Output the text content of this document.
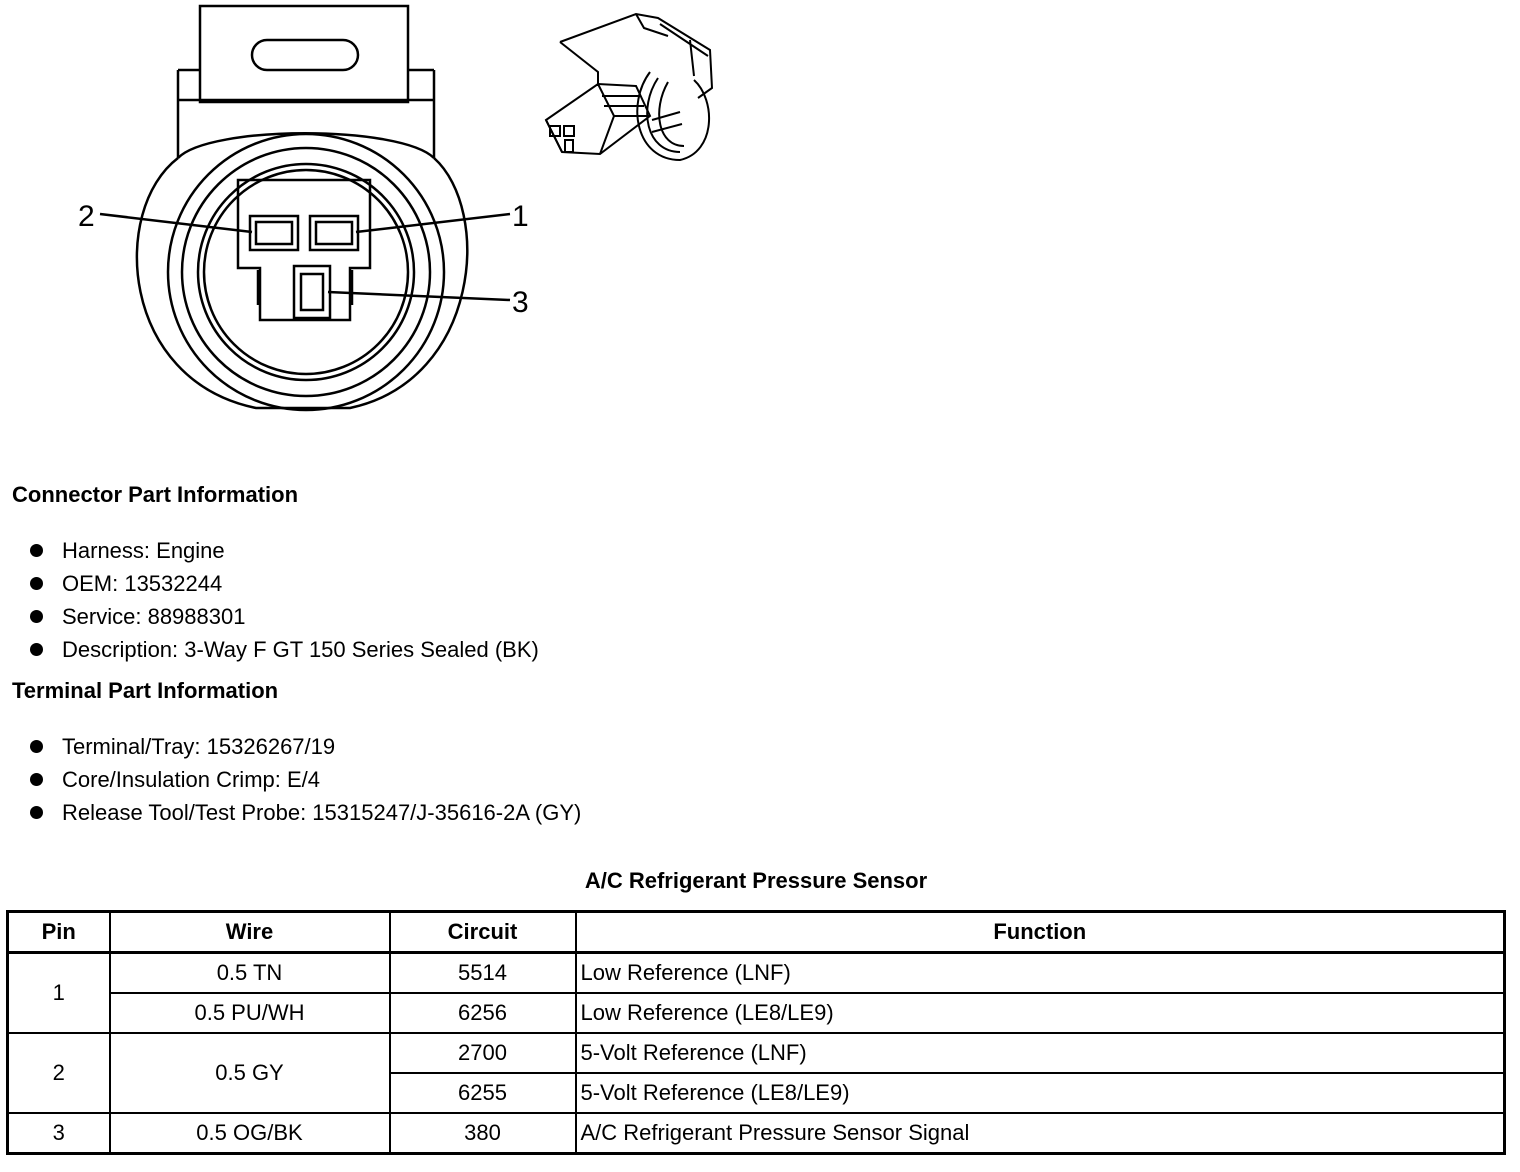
2	1
3
Connector Part Information
Harness: Engine
OEM: 13532244
Service: 88988301
Description: 3-Way F GT 150 Series Sealed (BK)
Terminal Part Information
Terminal/Tray: 15326267/19
Core/Insulation Crimp: E/4
Release Tool/Test Probe: 15315247/J-35616-2A (GY)
A/C Refrigerant Pressure Sensor
Pin	Wire	Circuit	Function
1	0.5 TN	5514	Low Reference (LNF)
	0.5 PU/WH	6256	Low Reference (LE8/LE9)
2	0.5 GY	2700	5-Volt Reference (LNF)
		6255	5-Volt Reference (LE8/LE9)
3	0.5 OG/BK	380	A/C Refrigerant Pressure Sensor Signal
